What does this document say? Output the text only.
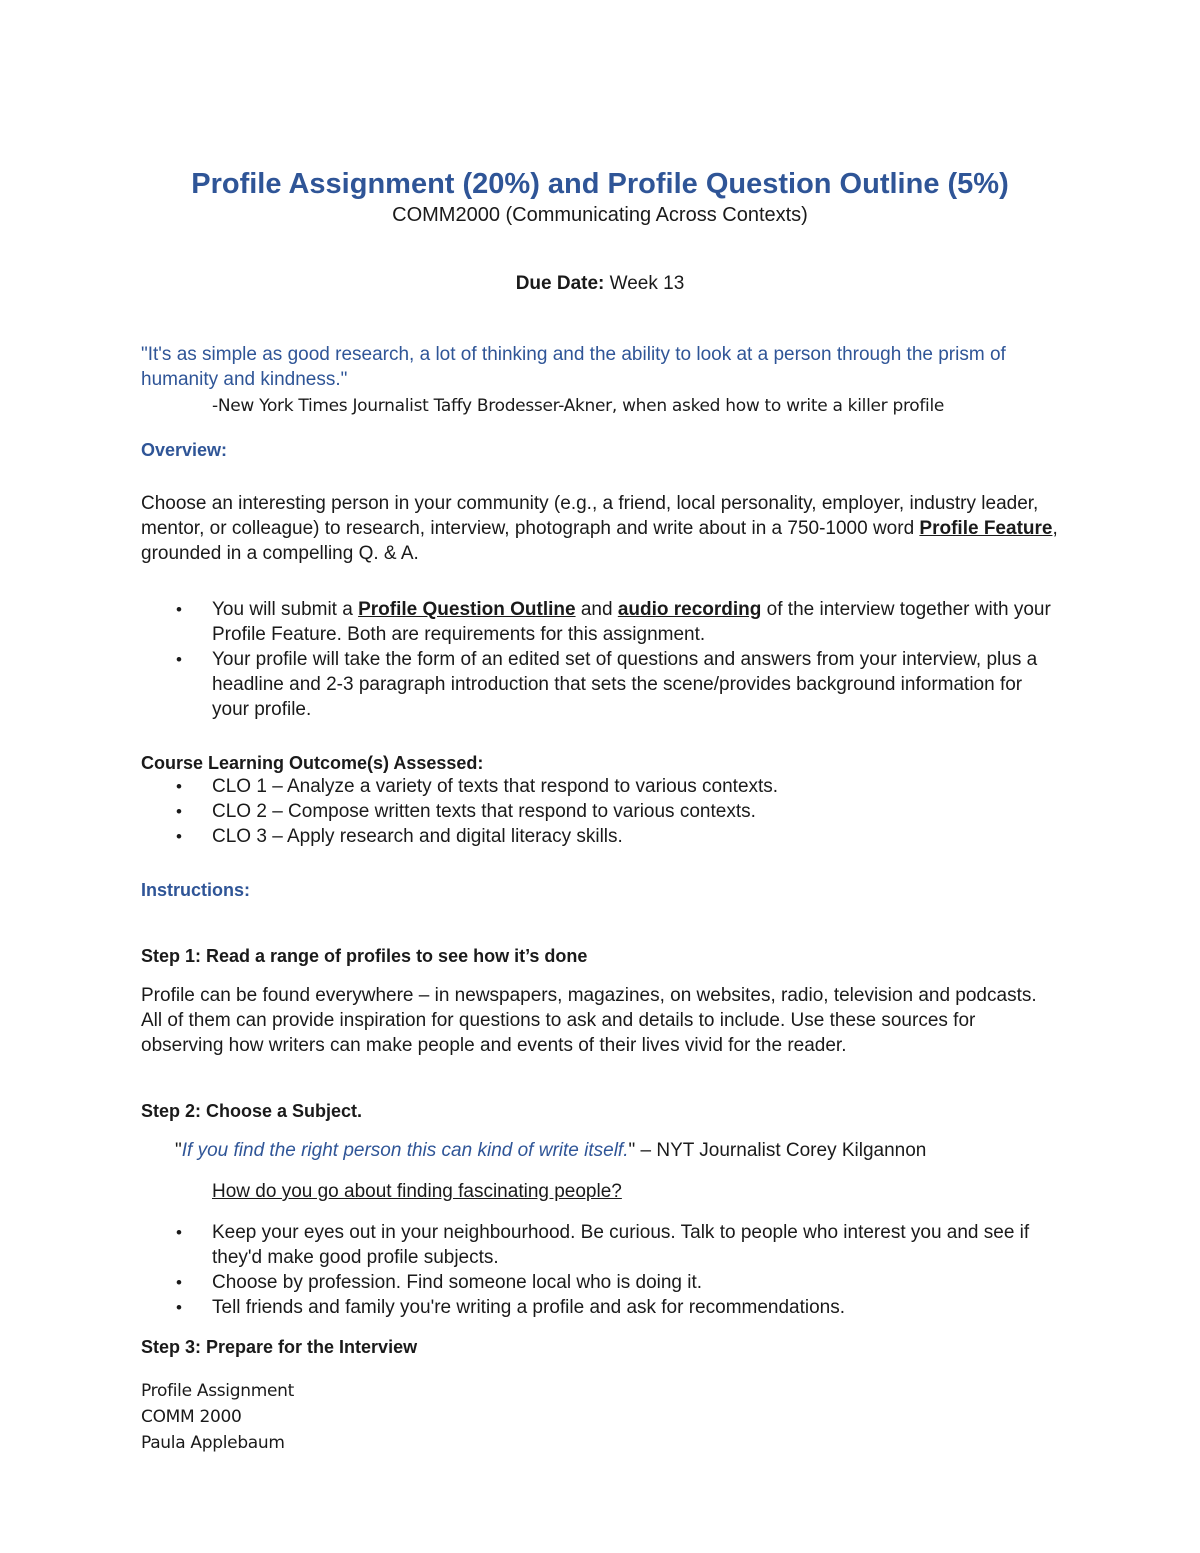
Profile Assignment (20%) and Profile Question Outline (5%)
COMM2000 (Communicating Across Contexts)
Due Date: Week 13
"It's as simple as good research, a lot of thinking and the ability to look at a person through the prism of humanity and kindness."
-New York Times Journalist Taffy Brodesser-Akner, when asked how to write a killer profile
Overview:
Choose an interesting person in your community (e.g., a friend, local personality, employer, industry leader, mentor, or colleague) to research, interview, photograph and write about in a 750-1000 word Profile Feature, grounded in a compelling Q. & A.
• You will submit a Profile Question Outline and audio recording of the interview together with your Profile Feature. Both are requirements for this assignment.
• Your profile will take the form of an edited set of questions and answers from your interview, plus a headline and 2-3 paragraph introduction that sets the scene/provides background information for your profile.
Course Learning Outcome(s) Assessed:
• CLO 1 – Analyze a variety of texts that respond to various contexts.
• CLO 2 – Compose written texts that respond to various contexts.
• CLO 3 – Apply research and digital literacy skills.
Instructions:
Step 1: Read a range of profiles to see how it’s done
Profile can be found everywhere – in newspapers, magazines, on websites, radio, television and podcasts. All of them can provide inspiration for questions to ask and details to include. Use these sources for observing how writers can make people and events of their lives vivid for the reader.
Step 2: Choose a Subject.
"If you find the right person this can kind of write itself." – NYT Journalist Corey Kilgannon
How do you go about finding fascinating people?
• Keep your eyes out in your neighbourhood. Be curious. Talk to people who interest you and see if they'd make good profile subjects.
• Choose by profession. Find someone local who is doing it.
• Tell friends and family you're writing a profile and ask for recommendations.
Step 3: Prepare for the Interview
Profile Assignment
COMM 2000
Paula Applebaum
